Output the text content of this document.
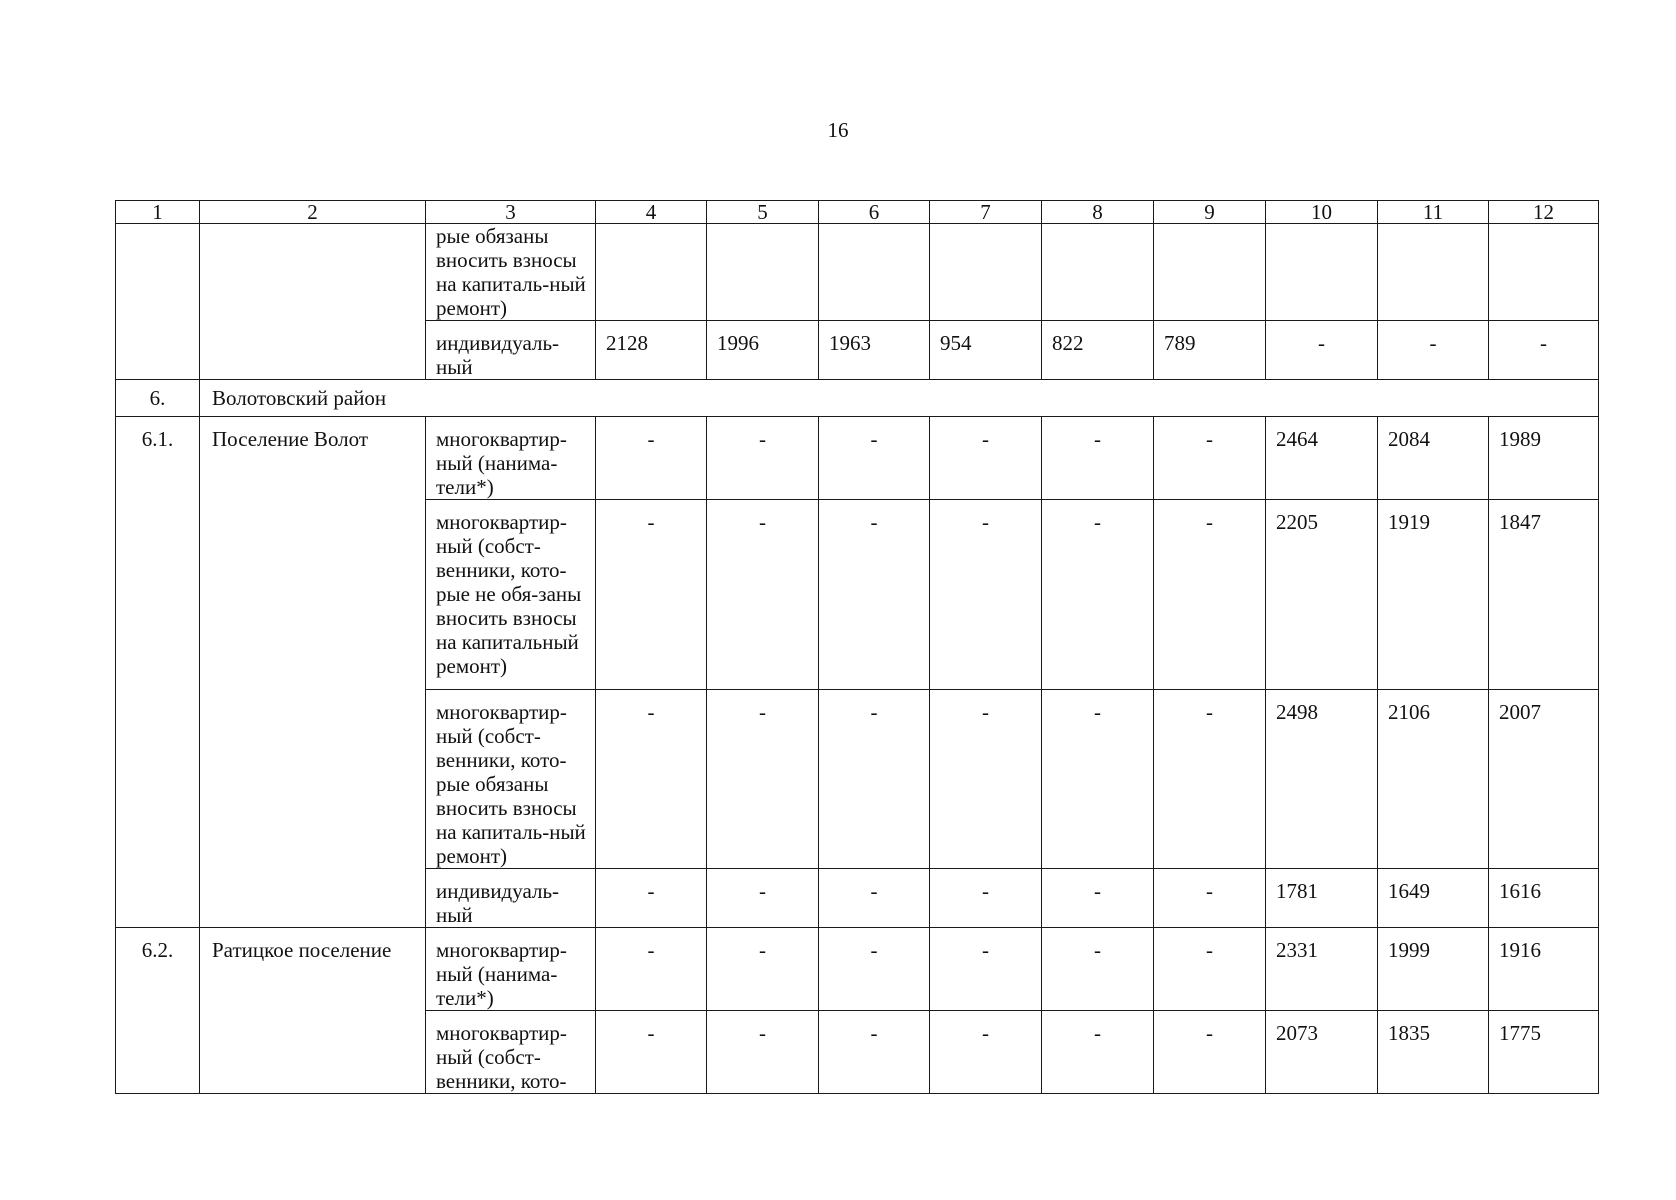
16
1	2	3	4	5	6	7	8	9	10	11	12
		рые обязаны вносить взносы на капиталь-ный ремонт)									
		индивидуаль-ный	2128	1996	1963	954	822	789	-	-	-
6.	Волотовский район										
6.1.	Поселение Волот	многоквартир-ный (нанима-тели*)	-	-	-	-	-	-	2464	2084	1989
		многоквартир-ный (собст-венники, кото-рые не обя-заны вносить взносы на капитальный ремонт)	-	-	-	-	-	-	2205	1919	1847
		многоквартир-ный (собст-венники, кото-рые обязаны вносить взносы на капиталь-ный ремонт)	-	-	-	-	-	-	2498	2106	2007
		индивидуаль-ный	-	-	-	-	-	-	1781	1649	1616
6.2.	Ратицкое поселение	многоквартир-ный (нанима-тели*)	-	-	-	-	-	-	2331	1999	1916
		многоквартир-ный (собст-венники, кото-	-	-	-	-	-	-	2073	1835	1775
